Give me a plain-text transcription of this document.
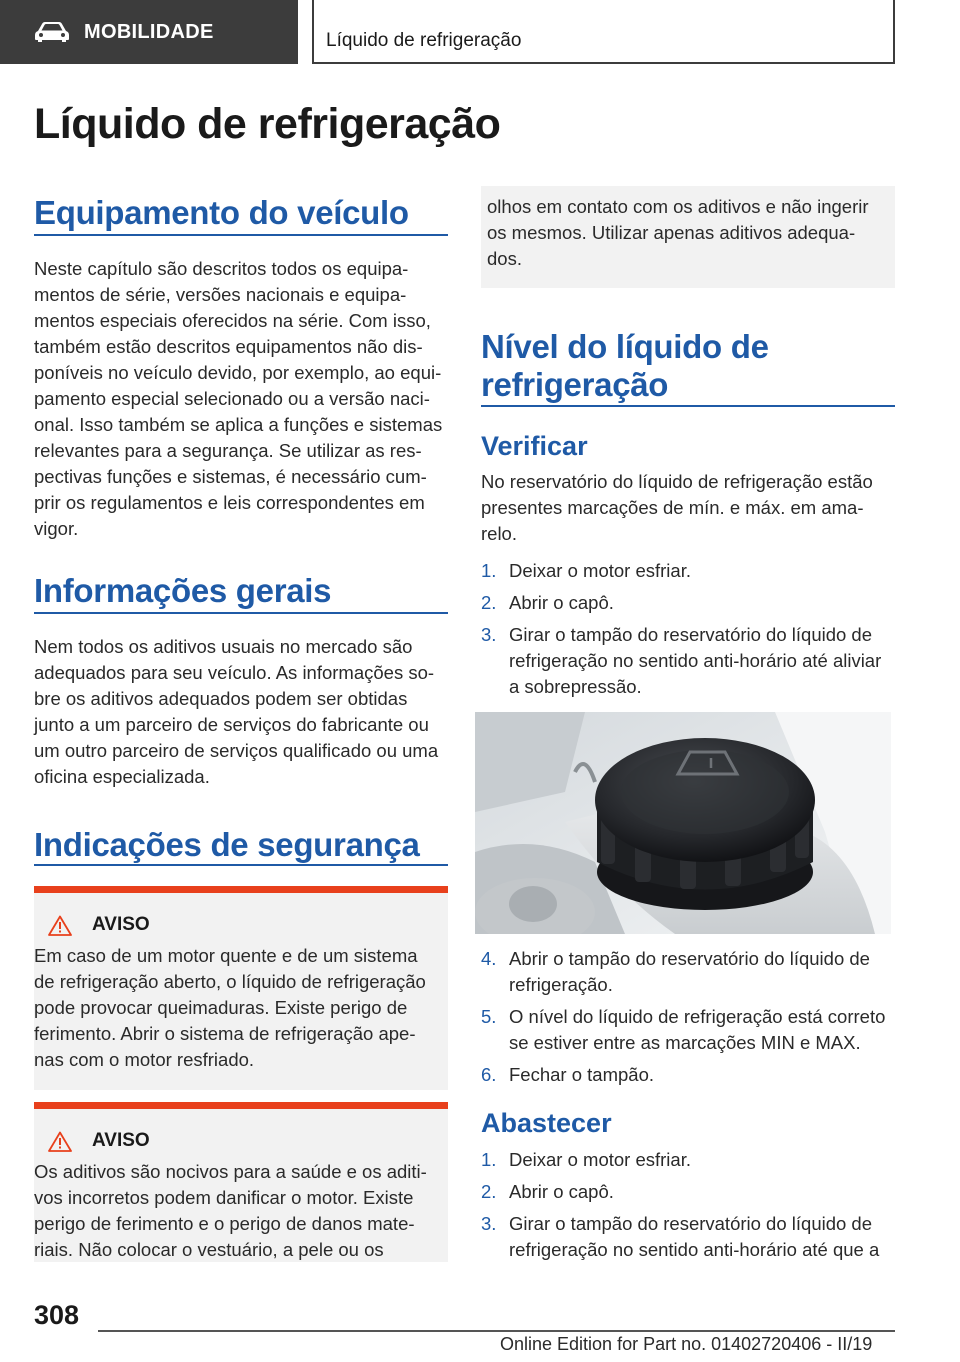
MOBILIDADE	Líquido de refrigeração
Líquido de refrigeração
Equipamento do veículo
Neste capítulo são descritos todos os equipa-
mentos de série, versões nacionais e equipa-
mentos especiais oferecidos na série. Com isso,
também estão descritos equipamentos não dis-
poníveis no veículo devido, por exemplo, ao equi-
pamento especial selecionado ou a versão naci-
onal. Isso também se aplica a funções e sistemas
relevantes para a segurança. Se utilizar as res-
pectivas funções e sistemas, é necessário cum-
prir os regulamentos e leis correspondentes em
vigor.
Informações gerais
Nem todos os aditivos usuais no mercado são
adequados para seu veículo. As informações so-
bre os aditivos adequados podem ser obtidas
junto a um parceiro de serviços do fabricante ou
um outro parceiro de serviços qualificado ou uma
oficina especializada.
Indicações de segurança
AVISO
Em caso de um motor quente e de um sistema
de refrigeração aberto, o líquido de refrigeração
pode provocar queimaduras. Existe perigo de
ferimento. Abrir o sistema de refrigeração ape-
nas com o motor resfriado.
AVISO
Os aditivos são nocivos para a saúde e os aditi-
vos incorretos podem danificar o motor. Existe
perigo de ferimento e o perigo de danos mate-
riais. Não colocar o vestuário, a pele ou os
olhos em contato com os aditivos e não ingerir
os mesmos. Utilizar apenas aditivos adequa-
dos.
Nível do líquido de
refrigeração
Verificar
No reservatório do líquido de refrigeração estão
presentes marcações de mín. e máx. em ama-
relo.
1. Deixar o motor esfriar.
2. Abrir o capô.
3. Girar o tampão do reservatório do líquido de
refrigeração no sentido anti-horário até aliviar
a sobrepressão.
4. Abrir o tampão do reservatório do líquido de
refrigeração.
5. O nível do líquido de refrigeração está correto
se estiver entre as marcações MIN e MAX.
6. Fechar o tampão.
Abastecer
1. Deixar o motor esfriar.
2. Abrir o capô.
3. Girar o tampão do reservatório do líquido de
refrigeração no sentido anti-horário até que a
308
Online Edition for Part no. 01402720406 - II/19
